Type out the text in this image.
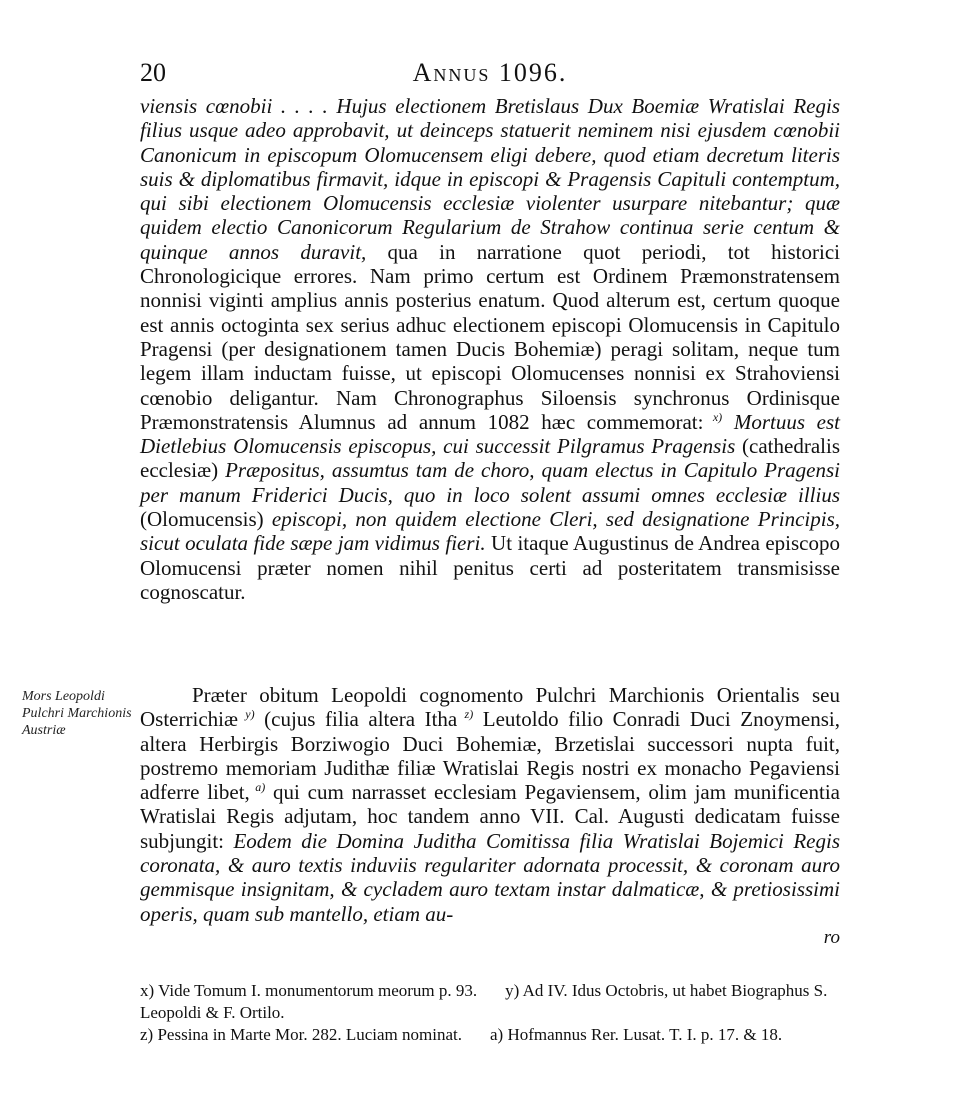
20	Annus 1096.
viensis cœnobii . . . . Hujus electionem Bretislaus Dux Boemiæ Wratislai Regis filius usque adeo approbavit, ut deinceps statuerit neminem nisi ejusdem cœnobii Canonicum in episcopum Olomucensem eligi debere, quod etiam decretum literis suis & diplomatibus firmavit, idque in episcopi & Pragensis Capituli contemptum, qui sibi electionem Olomucensis ecclesiæ violenter usurpare nitebantur; quæ quidem electio Canonicorum Regularium de Strahow continua serie centum & quinque annos duravit, qua in narratione quot periodi, tot historici Chronologicique errores. Nam primo certum est Ordinem Præmonstratensem nonnisi viginti amplius annis posterius enatum. Quod alterum est, certum quoque est annis octoginta sex serius adhuc electionem episcopi Olomucensis in Capitulo Pragensi (per designationem tamen Ducis Bohemiæ) peragi solitam, neque tum legem illam inductam fuisse, ut episcopi Olomucenses nonnisi ex Strahoviensi cœnobio deligantur. Nam Chronographus Siloensis synchronus Ordinisque Præmonstratensis Alumnus ad annum 1082 hæc commemorat: $^{x)}$ Mortuus est Dietlebius Olomucensis episcopus, cui successit Pilgramus Pragensis (cathedralis ecclesiæ) Præpositus, assumtus tam de choro, quam electus in Capitulo Pragensi per manum Friderici Ducis, quo in loco solent assumi omnes ecclesiæ illius (Olomucensis) episcopi, non quidem electione Cleri, sed designatione Principis, sicut oculata fide sæpe jam vidimus fieri. Ut itaque Augustinus de Andrea episcopo Olomucensi præter nomen nihil penitus certi ad posteritatem transmisisse cognoscatur.
Mors Leopoldi Pulchri Marchionis Austriæ
Præter obitum Leopoldi cognomento Pulchri Marchionis Orientalis seu Osterrichiæ $^{y)}$ (cujus filia altera Itha $^{z)}$ Leutoldo filio Conradi Duci Znoymensi, altera Herbirgis Borziwogio Duci Bohemiæ, Brzetislai successori nupta fuit, postremo memoriam Judithæ filiæ Wratislai Regis nostri ex monacho Pegaviensi adferre libet, $^{a)}$ qui cum narrasset ecclesiam Pegaviensem, olim jam munificentia Wratislai Regis adjutam, hoc tandem anno VII. Cal. Augusti dedicatam fuisse subjungit: Eodem die Domina Juditha Comitissa filia Wratislai Bojemici Regis coronata, & auro textis induviis regulariter adornata processit, & coronam auro gemmisque insignitam, & cycladem auro textam instar dalmaticæ, & pretiosissimi operis, quam sub mantello, etiam au-
ro
x) Vide Tomum I. monumentorum meorum p. 93. y) Ad IV. Idus Octobris, ut habet Biographus S. Leopoldi & F. Ortilo.
z) Pessina in Marte Mor. 282. Luciam nominat. a) Hofmannus Rer. Lusat. T. I. p. 17. & 18.
